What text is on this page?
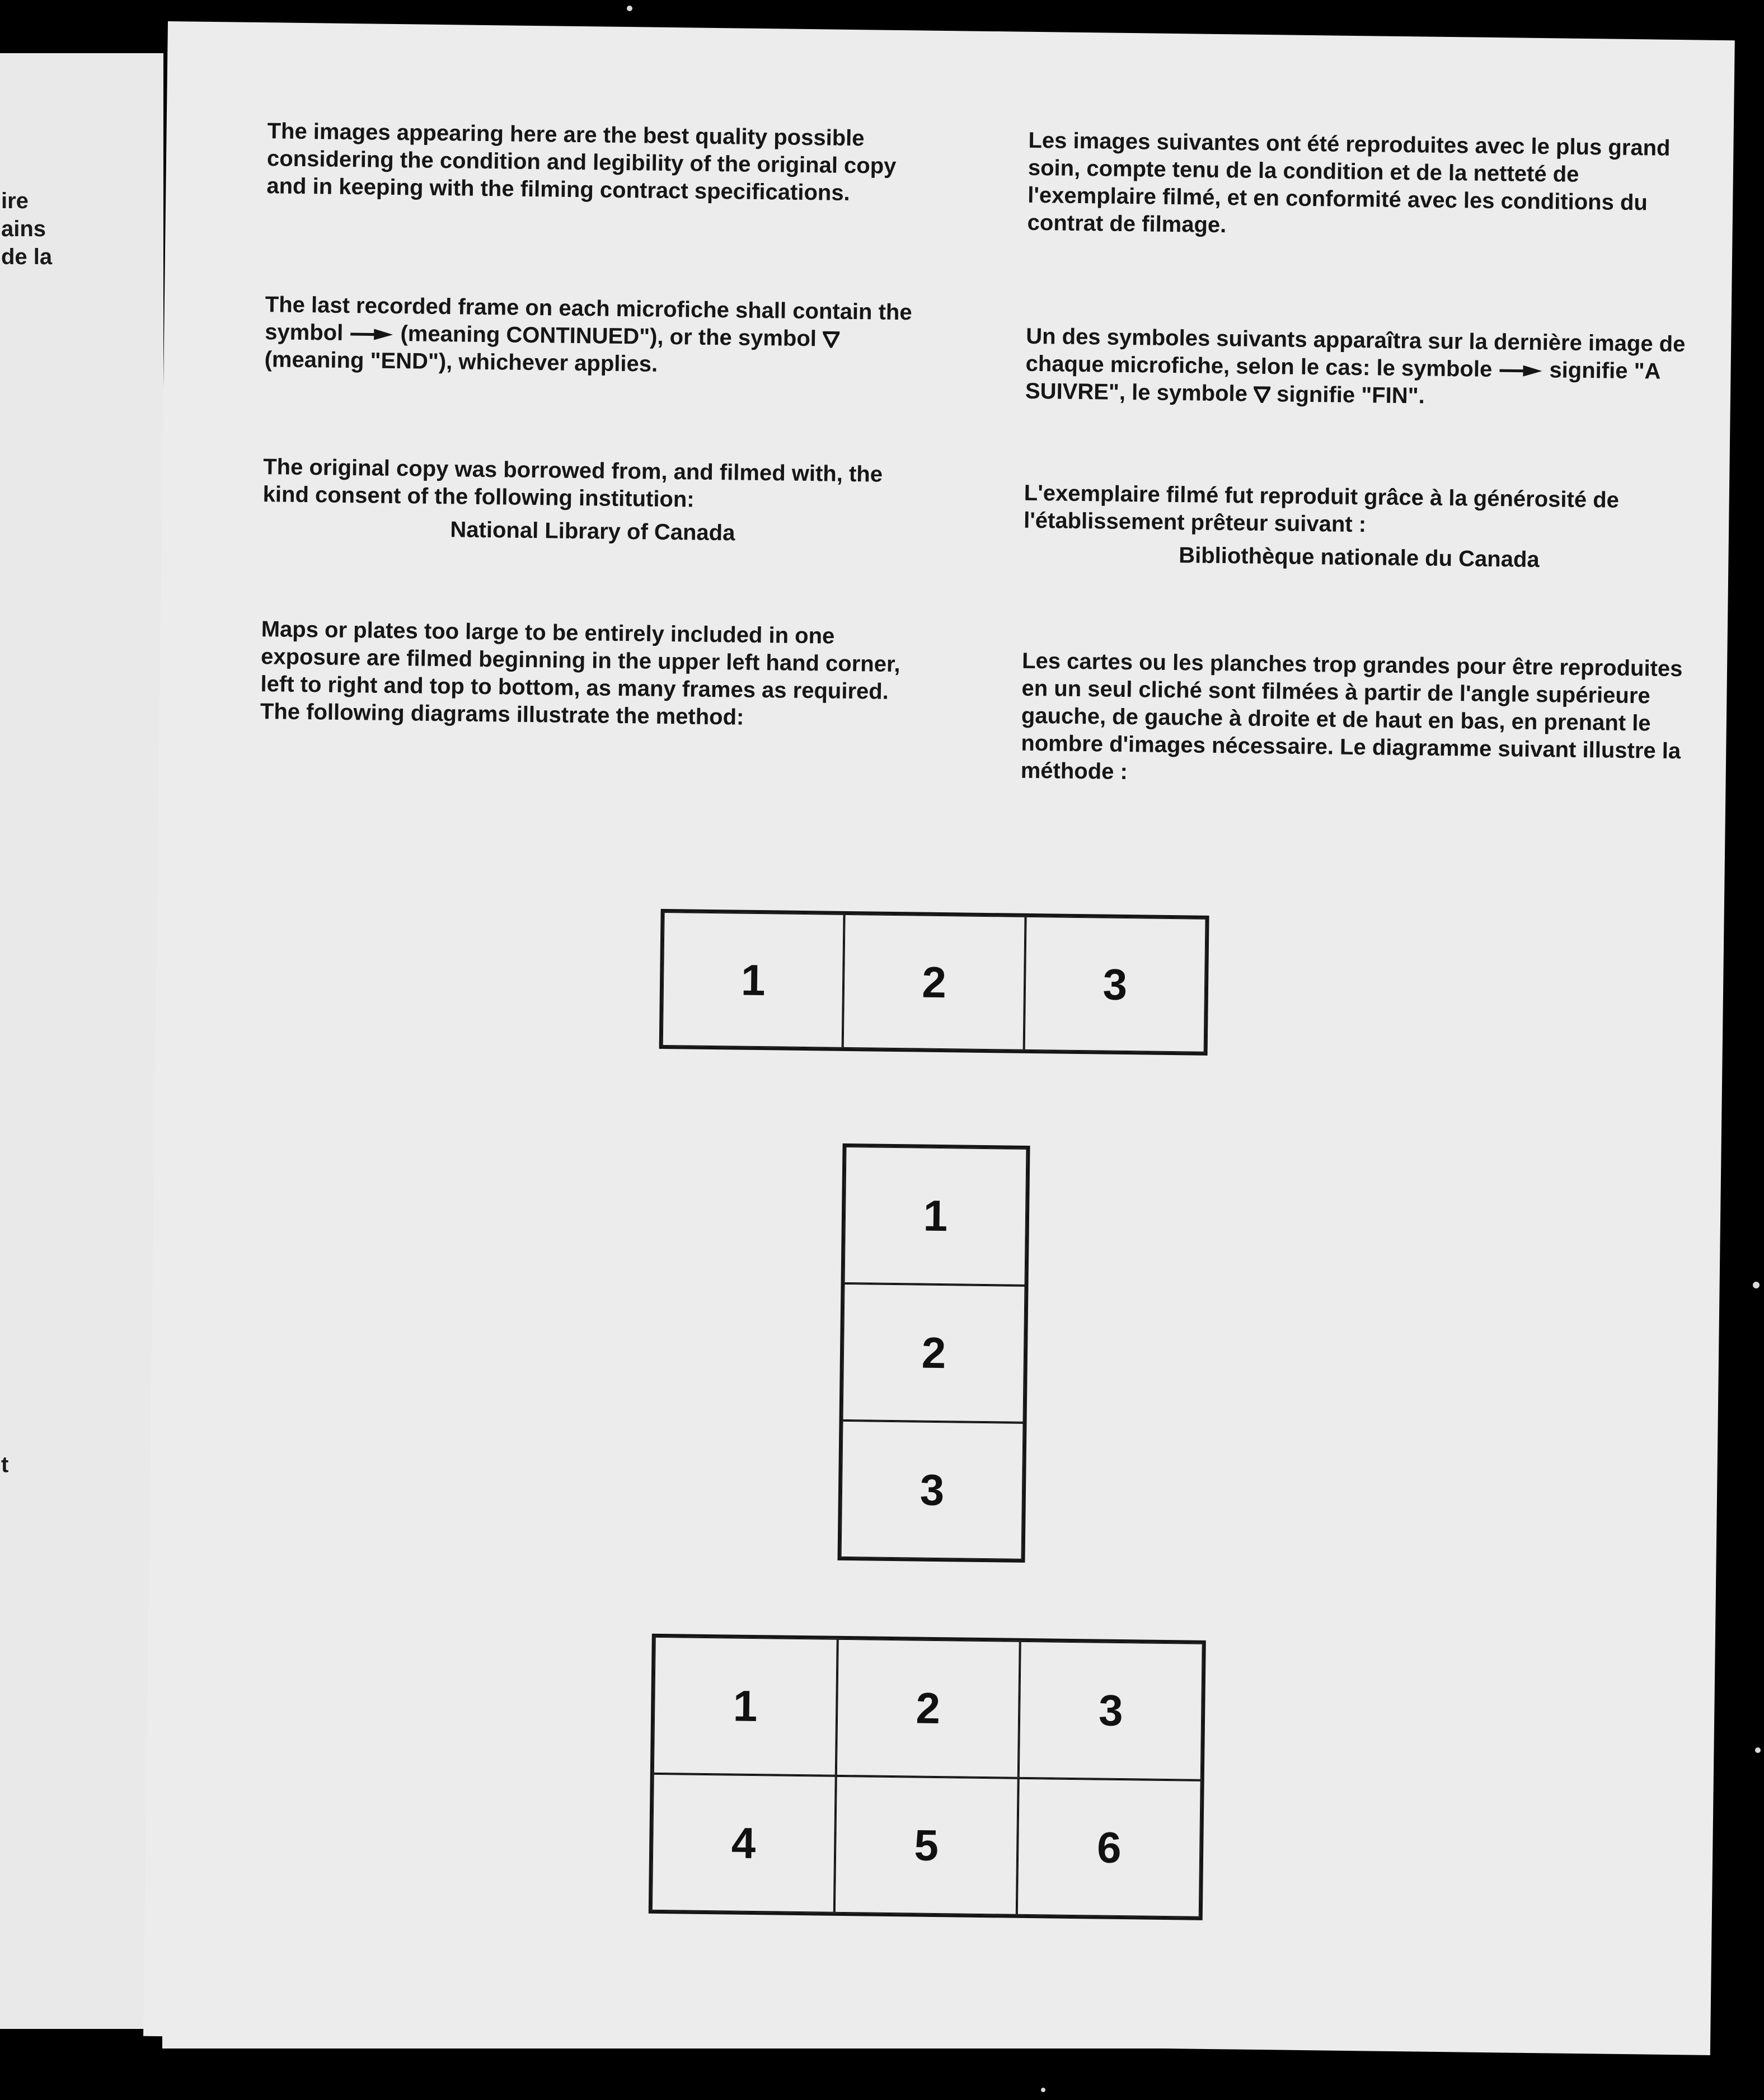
ire
ains
de la
t

The images appearing here are the best quality possible considering the condition and legibility of the original copy and in keeping with the filming contract specifications.

The last recorded frame on each microfiche shall contain the symbol	(meaning CONTINUED"), or the symbol  (meaning "END"), whichever applies.

The original copy was borrowed from, and filmed with, the kind consent of the following institution:

National Library of Canada

Maps or plates too large to be entirely included in one exposure are filmed beginning in the upper left hand corner, left to right and top to bottom, as many frames as required. The following diagrams illustrate the method:

Les images suivantes ont été reproduites avec le plus grand soin, compte tenu de la condition et de la netteté de l'exemplaire filmé, et en conformité avec les conditions du contrat de filmage.

Un des symboles suivants apparaîtra sur la dernière image de chaque microfiche, selon le cas: le symbole	signifie "A SUIVRE", le symbole signifie "FIN".

L'exemplaire filmé fut reproduit grâce à la générosité de l'établissement prêteur suivant :

Bibliothèque nationale du Canada

Les cartes ou les planches trop grandes pour être reproduites en un seul cliché sont filmées à partir de l'angle supérieure gauche, de gauche à droite et de haut en bas, en prenant le nombre d'images nécessaire. Le diagramme suivant illustre la méthode :

1	2	3
1
2
3
1	2	3
4	5	6
